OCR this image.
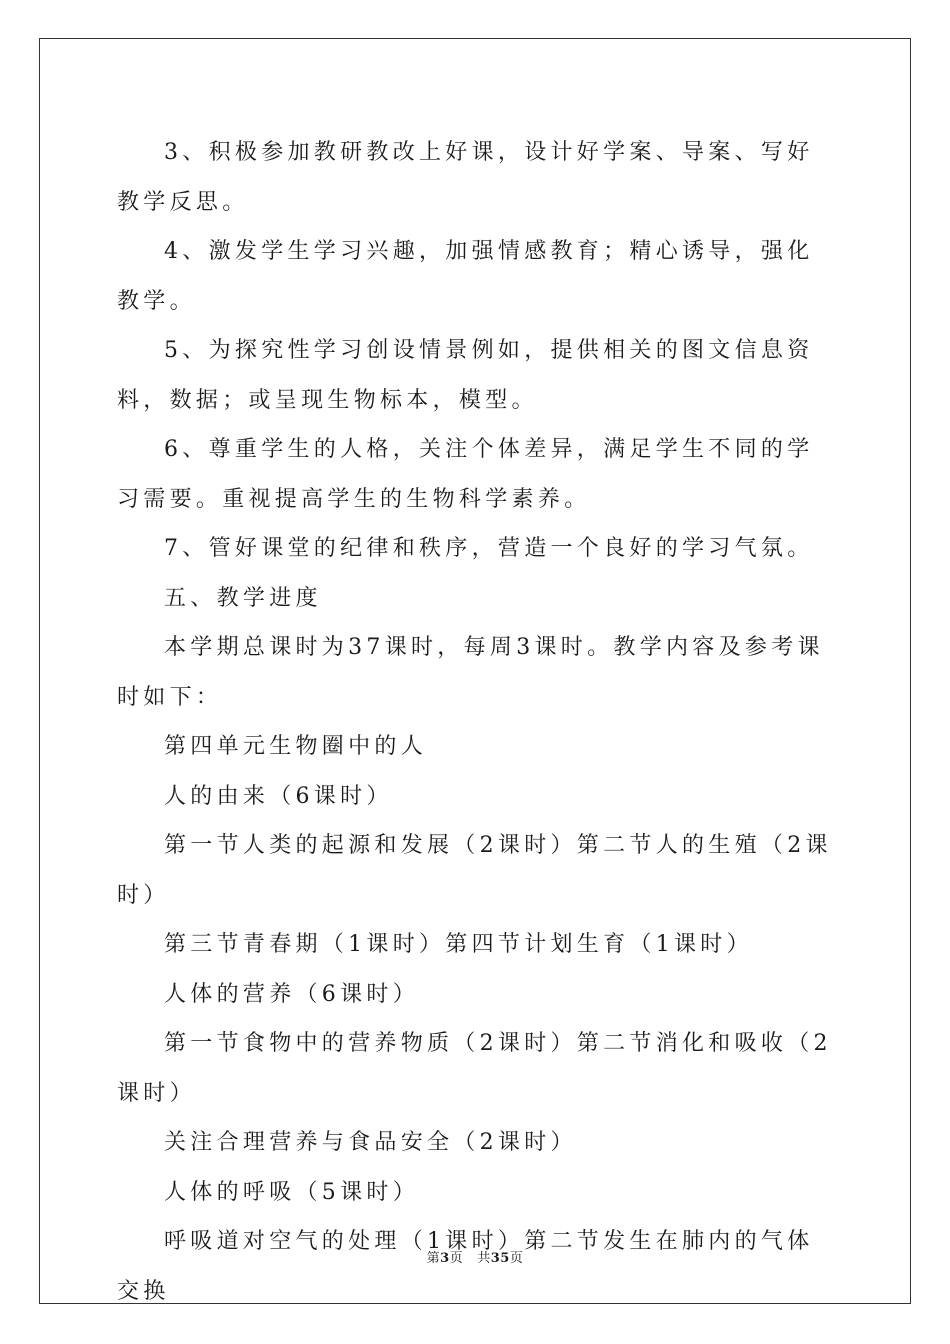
3、积极参加教研教改上好课，设计好学案、导案、写好教学反思。

4、激发学生学习兴趣，加强情感教育；精心诱导，强化教学。

5、为探究性学习创设情景例如，提供相关的图文信息资料，数据；或呈现生物标本，模型。

6、尊重学生的人格，关注个体差异，满足学生不同的学习需要。重视提高学生的生物科学素养。

7、管好课堂的纪律和秩序，营造一个良好的学习气氛。

五、教学进度

本学期总课时为37课时，每周3课时。教学内容及参考课时如下：

第四单元生物圈中的人

人的由来（6课时）

第一节人类的起源和发展（2课时）第二节人的生殖（2课时）

第三节青春期（1课时）第四节计划生育（1课时）

人体的营养（6课时）

第一节食物中的营养物质（2课时）第二节消化和吸收（2课时）

关注合理营养与食品安全（2课时）

人体的呼吸（5课时）

呼吸道对空气的处理（1课时）第二节发生在肺内的气体交换

第3页 共35页
